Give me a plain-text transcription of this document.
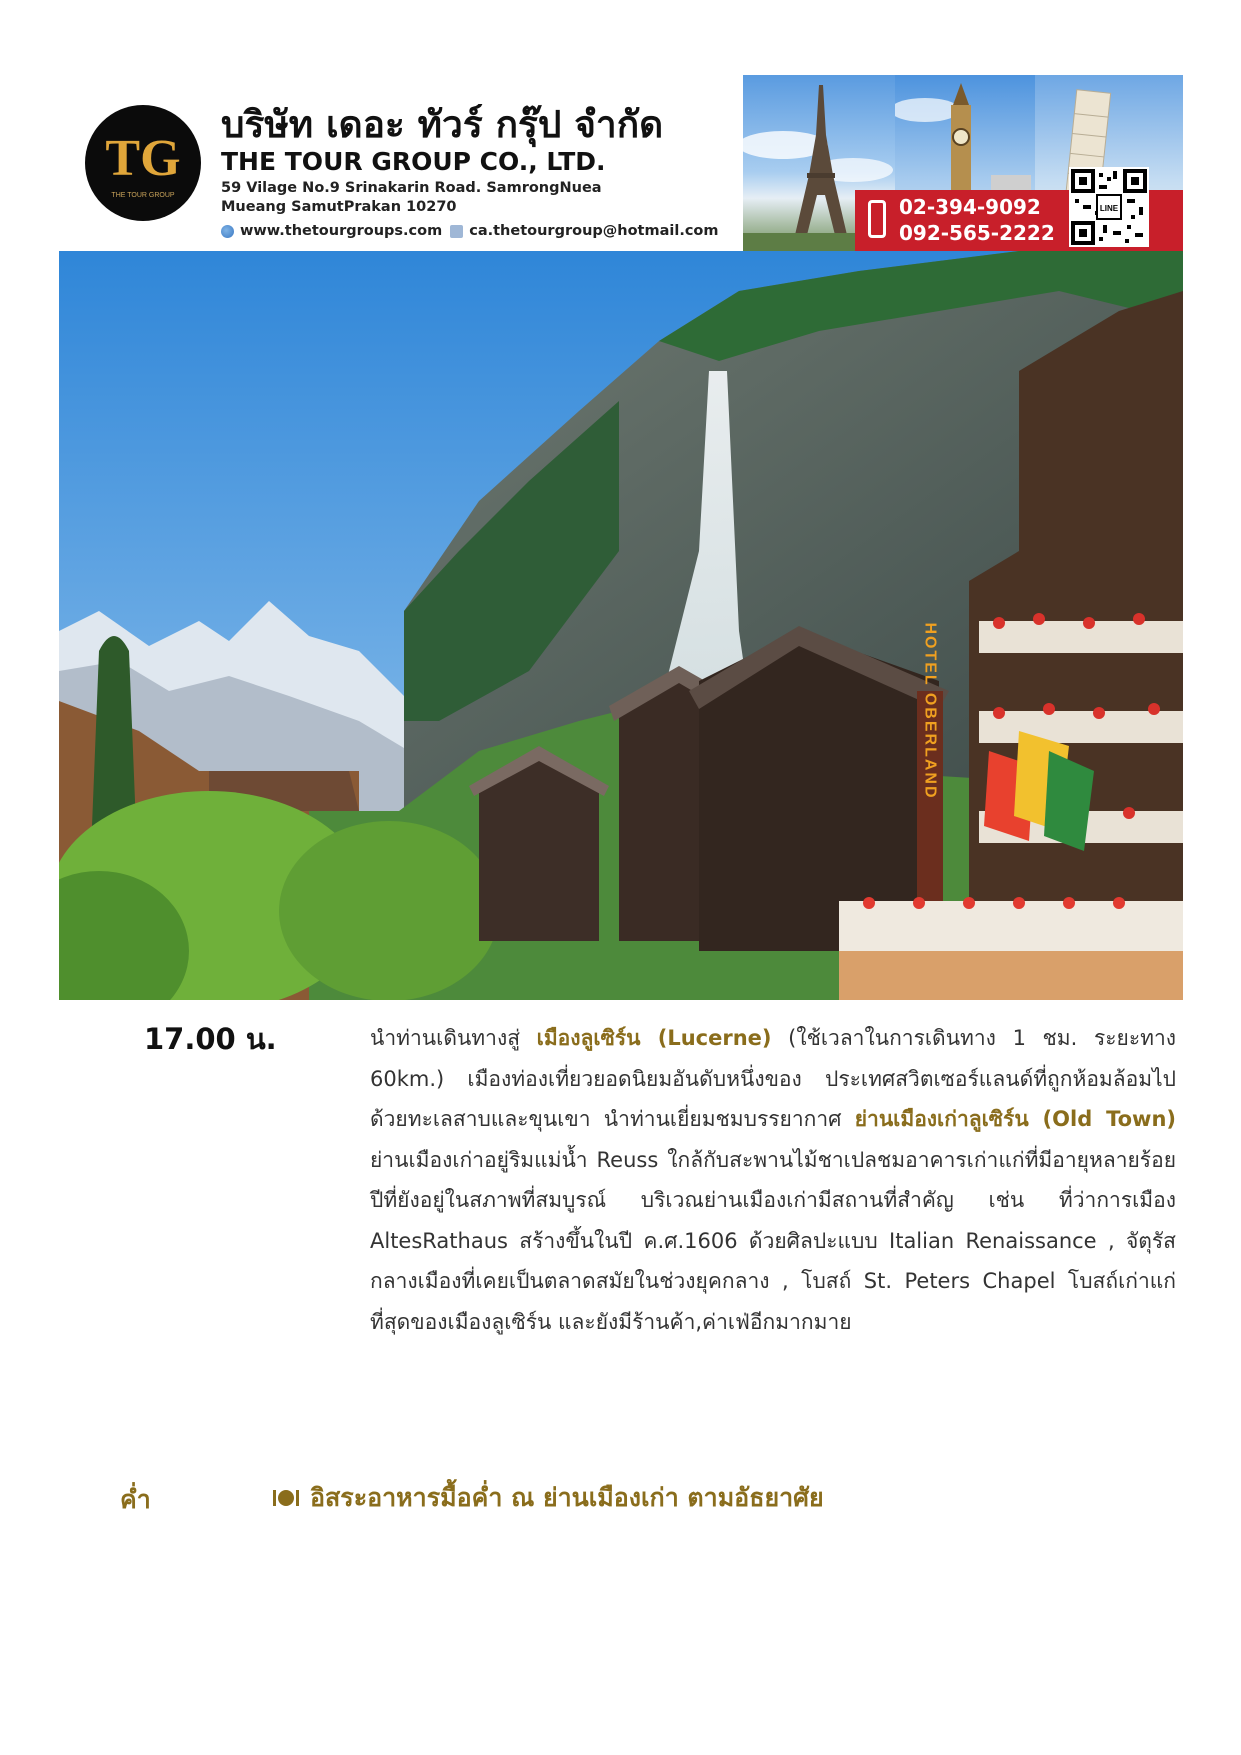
TG
THE TOUR GROUP
บริษัท เดอะ ทัวร์ กรุ๊ป จำกัด
THE TOUR GROUP CO., LTD.
59 Vilage No.9 Srinakarin Road. SamrongNuea
Mueang SamutPrakan 10270
www.thetourgroups.com ca.thetourgroup@hotmail.com
02-394-9092
092-565-2222
LINE
HOTEL OBERLAND
17.00 น.	นำท่านเดินทางสู่ เมืองลูเซิร์น (Lucerne) (ใช้เวลาในการเดินทาง 1 ชม. ระยะทาง 60km.) เมืองท่องเที่ยวยอดนิยมอันดับหนึ่งของ ประเทศสวิตเซอร์แลนด์ที่ถูกห้อมล้อมไปด้วยทะเลสาบและขุนเขา นำท่านเยี่ยมชมบรรยากาศ ย่านเมืองเก่าลูเซิร์น (Old Town) ย่านเมืองเก่าอยู่ริมแม่น้ำ Reuss ใกล้กับสะพานไม้ชาเปลชมอาคารเก่าแก่ที่มีอายุหลายร้อยปีที่ยังอยู่ในสภาพที่สมบูรณ์ บริเวณย่านเมืองเก่ามีสถานที่สำคัญ เช่น ที่ว่าการเมือง AltesRathaus สร้างขึ้นในปี ค.ศ.1606 ด้วยศิลปะแบบ Italian Renaissance , จัตุรัสกลางเมืองที่เคยเป็นตลาดสมัยในช่วงยุคกลาง , โบสถ์ St. Peters Chapel โบสถ์เก่าแก่ที่สุดของเมืองลูเซิร์น และยังมีร้านค้า,ค่าเฟ่อีกมากมาย
ค่ำ	อิสระอาหารมื้อค่ำ ณ ย่านเมืองเก่า ตามอัธยาศัย
